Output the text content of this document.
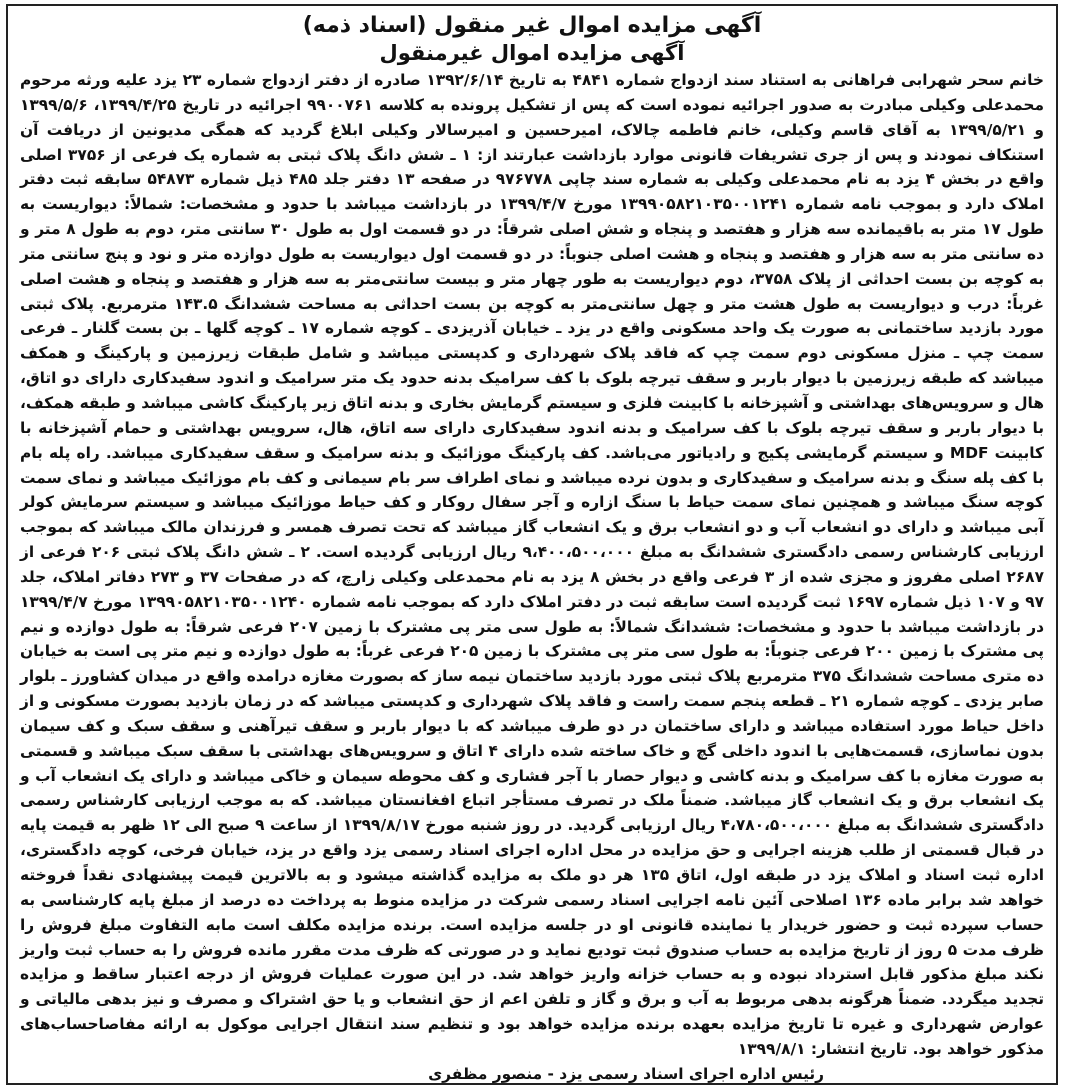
آگهی مزایده اموال غیر منقول (اسناد ذمه)

آگهی مزایده اموال غیرمنقول

خانم سحر شهرابی فراهانی به استناد سند ازدواج شماره ۴۸۴۱ به تاریخ ۱۳۹۲/۶/۱۴ صادره از دفتر ازدواج شماره ۲۳ یزد علیه ورثه مرحوم محمدعلی وکیلی مبادرت به صدور اجرائیه نموده است که پس از تشکیل پرونده به کلاسه ۹۹۰۰۷۶۱ اجرائیه در تاریخ ۱۳۹۹/۴/۲۵، ۱۳۹۹/۵/۶ و ۱۳۹۹/۵/۲۱ به آقای قاسم وکیلی، خانم فاطمه چالاک، امیرحسین و امیرسالار وکیلی ابلاغ گردید که همگی مدیونین از دریافت آن استنکاف نمودند و پس از جری تشریفات قانونی موارد بازداشت عبارتند از: ۱ ـ شش دانگ پلاک ثبتی به شماره یک فرعی از ۳۷۵۶ اصلی واقع در بخش ۴ یزد به نام محمدعلی وکیلی به شماره سند چاپی ۹۷۶۷۷۸ در صفحه ۱۳ دفتر جلد ۴۸۵ ذیل شماره ۵۴۸۷۳ سابقه ثبت دفتر املاک دارد و بموجب نامه شماره ۱۳۹۹۰۵۸۲۱۰۳۵۰۰۱۲۴۱ مورخ ۱۳۹۹/۴/۷ در بازداشت میباشد با حدود و مشخصات: شمالاً: دیواریست به طول ۱۷ متر به باقیمانده سه هزار و هفتصد و پنجاه و شش اصلی شرقاً: در دو قسمت اول به طول ۳۰ سانتی متر، دوم به طول ۸ متر و ده سانتی متر به سه هزار و هفتصد و پنجاه و هشت اصلی جنوباً: در دو قسمت اول دیواریست به طول دوازده متر و نود و پنج سانتی متر به کوچه بن بست احداثی از پلاک ۳۷۵۸، دوم دیواریست به طور چهار متر و بیست سانتی‌متر به سه هزار و هفتصد و پنجاه و هشت اصلی غرباً: درب و دیواریست به طول هشت متر و چهل سانتی‌متر به کوچه بن بست احداثی به مساحت ششدانگ ۱۴۳.۵ مترمربع. پلاک ثبتی مورد بازدید ساختمانی به صورت یک واحد مسکونی واقع در یزد ـ خیابان آذریزدی ـ کوچه شماره ۱۷ ـ کوچه گلها ـ بن بست گلنار ـ فرعی سمت چپ ـ منزل مسکونی دوم سمت چپ که فاقد پلاک شهرداری و کدپستی میباشد و شامل طبقات زیرزمین و پارکینگ و همکف میباشد که طبقه زیرزمین با دیوار باربر و سقف تیرچه بلوک با کف سرامیک بدنه حدود یک متر سرامیک و اندود سفیدکاری دارای دو اتاق، هال و سرویس‌های بهداشتی و آشپزخانه با کابینت فلزی و سیستم گرمایش بخاری و بدنه اتاق زیر پارکینگ کاشی میباشد و طبقه همکف، با دیوار باربر و سقف تیرچه بلوک با کف سرامیک و بدنه اندود سفیدکاری دارای سه اتاق، هال، سرویس بهداشتی و حمام آشپزخانه با کابینت MDF و سیستم گرمایشی پکیج و رادیاتور می‌باشد. کف پارکینگ موزائیک و بدنه سرامیک و سقف سفیدکاری میباشد. راه پله بام با کف پله سنگ و بدنه سرامیک و سفیدکاری و بدون نرده میباشد و نمای اطراف سر بام سیمانی و کف بام موزائیک میباشد و نمای سمت کوچه سنگ میباشد و همچنین نمای سمت حیاط با سنگ ازاره و آجر سفال روکار و کف حیاط موزائیک میباشد و سیستم سرمایش کولر آبی میباشد و دارای دو انشعاب آب و دو انشعاب برق و یک انشعاب گاز میباشد که تحت تصرف همسر و فرزندان مالک میباشد که بموجب ارزیابی کارشناس رسمی دادگستری ششدانگ به مبلغ ۹،۴۰۰،۵۰۰،۰۰۰ ریال ارزیابی گردیده است. ۲ ـ شش دانگ پلاک ثبتی ۲۰۶ فرعی از ۲۶۸۷ اصلی مفروز و مجزی شده از ۳ فرعی واقع در بخش ۸ یزد به نام محمدعلی وکیلی زارچ، که در صفحات ۳۷ و ۲۷۳ دفاتر املاک، جلد ۹۷ و ۱۰۷ ذیل شماره ۱۶۹۷ ثبت گردیده است سابقه ثبت در دفتر املاک دارد که بموجب نامه شماره ۱۳۹۹۰۵۸۲۱۰۳۵۰۰۱۲۴۰ مورخ ۱۳۹۹/۴/۷ در بازداشت میباشد با حدود و مشخصات: ششدانگ شمالاً: به طول سی متر پی مشترک با زمین ۲۰۷ فرعی شرقاً: به طول دوازده و نیم پی مشترک با زمین ۲۰۰ فرعی جنوباً: به طول سی متر پی مشترک با زمین ۲۰۵ فرعی غرباً: به طول دوازده و نیم متر پی است به خیابان ده متری مساحت ششدانگ ۳۷۵ مترمربع پلاک ثبتی مورد بازدید ساختمان نیمه ساز که بصورت مغازه درامده واقع در میدان کشاورز ـ بلوار صابر یزدی ـ کوچه شماره ۲۱ ـ قطعه پنجم سمت راست و فاقد پلاک شهرداری و کدپستی میباشد که در زمان بازدید بصورت مسکونی و از داخل حیاط مورد استفاده میباشد و دارای ساختمان در دو طرف میباشد که با دیوار باربر و سقف تیرآهنی و سقف سبک و کف سیمان بدون نماسازی، قسمت‌هایی با اندود داخلی گچ و خاک ساخته شده دارای ۴ اتاق و سرویس‌های بهداشتی با سقف سبک میباشد و قسمتی به صورت مغازه با کف سرامیک و بدنه کاشی و دیوار حصار با آجر فشاری و کف محوطه سیمان و خاکی میباشد و دارای یک انشعاب آب و یک انشعاب برق و یک انشعاب گاز میباشد. ضمناً ملک در تصرف مستأجر اتباع افغانستان میباشد. که به موجب ارزیابی کارشناس رسمی دادگستری ششدانگ به مبلغ ۴،۷۸۰،۵۰۰،۰۰۰ ریال ارزیابی گردید. در روز شنبه مورخ ۱۳۹۹/۸/۱۷ از ساعت ۹ صبح الی ۱۲ ظهر به قیمت پایه در قبال قسمتی از طلب هزینه اجرایی و حق مزایده در محل اداره اجرای اسناد رسمی یزد واقع در یزد، خیابان فرخی، کوچه دادگستری، اداره ثبت اسناد و املاک یزد در طبقه اول، اتاق ۱۳۵ هر دو ملک به مزایده گذاشته میشود و به بالاترین قیمت پیشنهادی نقداً فروخته خواهد شد برابر ماده ۱۳۶ اصلاحی آئین نامه اجرایی اسناد رسمی شرکت در مزایده منوط به پرداخت ده درصد از مبلغ پایه کارشناسی به حساب سپرده ثبت و حضور خریدار یا نماینده قانونی او در جلسه مزایده است. برنده مزایده مکلف است مابه التفاوت مبلغ فروش را ظرف مدت ۵ روز از تاریخ مزایده به حساب صندوق ثبت تودیع نماید و در صورتی که ظرف مدت مقرر مانده فروش را به حساب ثبت واریز نکند مبلغ مذکور قابل استرداد نبوده و به حساب خزانه واریز خواهد شد. در این صورت عملیات فروش از درجه اعتبار ساقط و مزایده تجدید میگردد. ضمناً هرگونه بدهی مربوط به آب و برق و گاز و تلفن اعم از حق انشعاب و یا حق اشتراک و مصرف و نیز بدهی مالیاتی و عوارض شهرداری و غیره تا تاریخ مزایده بعهده برنده مزایده خواهد بود و تنظیم سند انتقال اجرایی موکول به ارائه مفاصاحساب‌های مذکور خواهد بود. تاریخ انتشار: ۱۳۹۹/۸/۱

رئیس اداره اجرای اسناد رسمی یزد - منصور مظفری
